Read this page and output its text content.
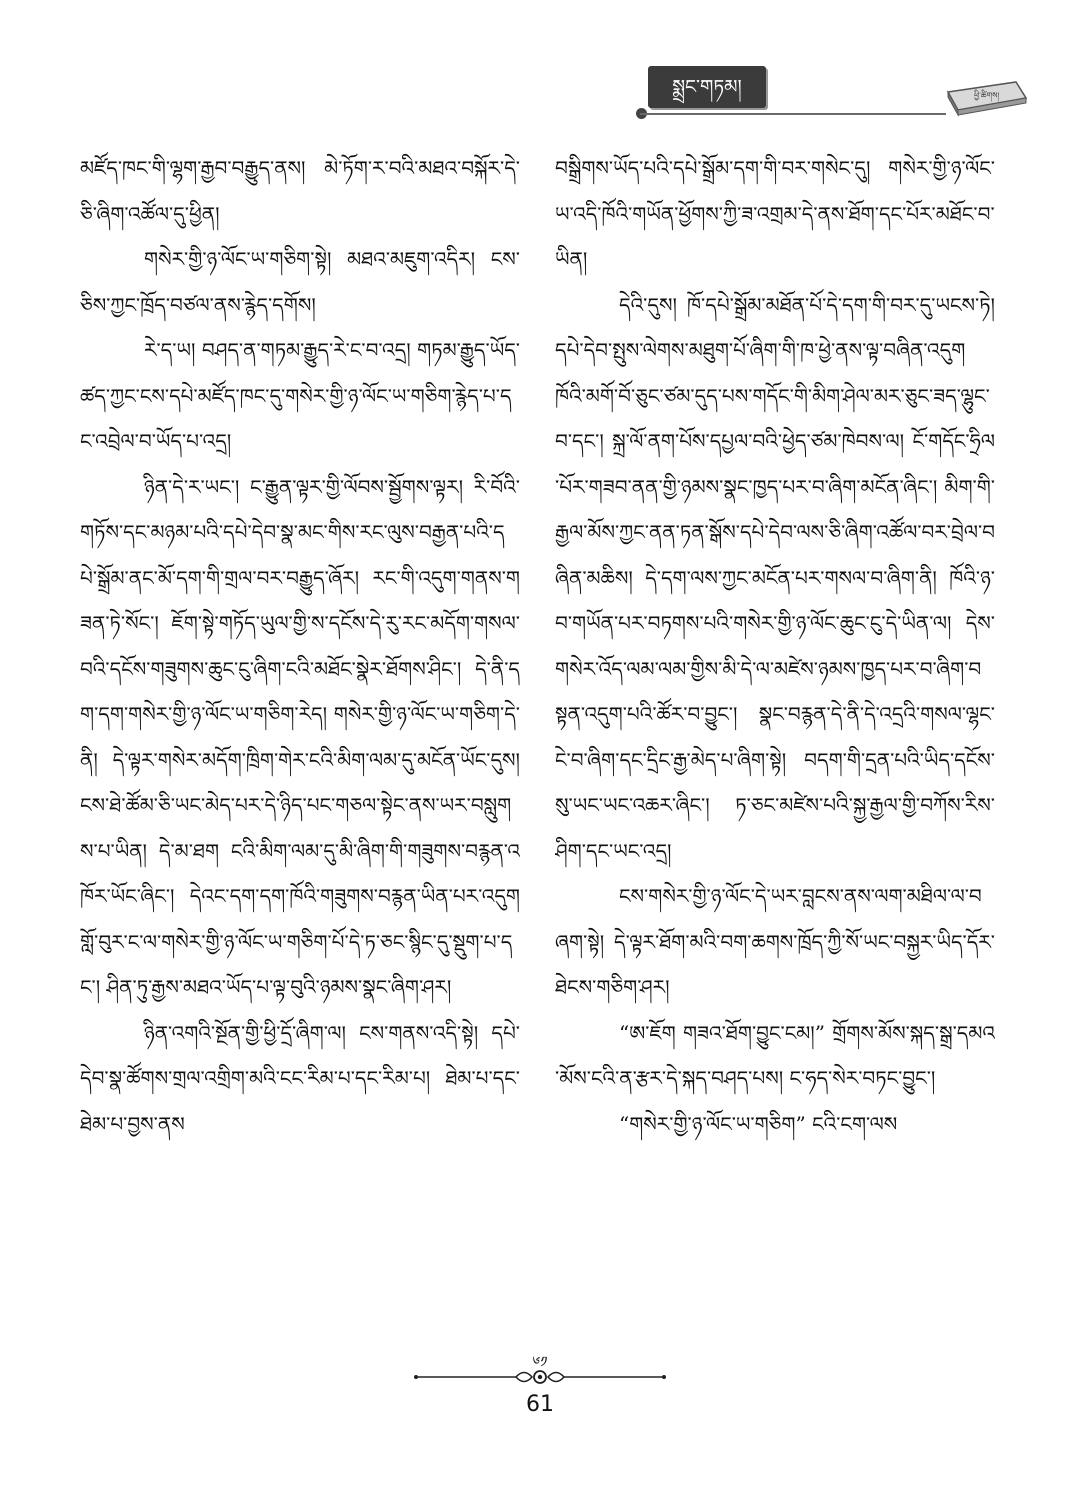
སྨྲང་གཏམ།	ཕྱི་ཚིགས།

མཛོད་ཁང་གི་ལྷག་རྒྱབ་བརྒྱུད་ནས། མེ་ཏོག་ར་བའི་མཐའ་བསྐོར་དེ་ཅི་ཞིག་འཚོལ་དུ་ཕྱིན།

གསེར་གྱི་ཉ་ལོང་ཡ་གཅིག་སྟེ། མཐའ་མཇུག་འདིར། ངས་ཅིས་ཀྱང་ཁྲོད་བཙལ་ནས་རྙེད་དགོས།

རེ་ད་ཡ། བཤད་ན་གཏམ་རྒྱུད་རེ་ང་བ་འདྲ། གཏམ་རྒྱུད་ཡོད་ཚད་ཀྱང་ངས་དཔེ་མཛོད་ཁང་དུ་གསེར་གྱི་ཉ་ལོང་ཡ་གཅིག་རྙེད་པ་དང་འབྲེལ་བ་ཡོད་པ་འདྲ།

ཉིན་དེ་ར་ཡང་། ང་རྒྱུན་ལྟར་གྱི་ལོབས་སྦྱོགས་ལྟར། རི་བོའི་གཏོས་དང་མཉམ་པའི་དཔེ་དེབ་སྣ་མང་གིས་རང་ལུས་བརྒྱན་པའི་དཔེ་སྒྲོམ་ནང་མོ་དག་གི་གྲལ་བར་བརྒྱུད་ཞོར། རང་གི་འདུག་གནས་གཟན་ཏེ་སོང་། ཇོག་སྟེ་གཏོད་ཡུལ་གྱི་ས་དངོས་དེ་རུ་རང་མདོག་གསལ་བའི་དངོས་གཟུགས་ཆུང་ངུ་ཞིག་ངའི་མཐོང་སྣེར་ཐོགས་ཤིང་། དེ་ནི་དག་དག་གསེར་གྱི་ཉ་ལོང་ཡ་གཅིག་རེད། གསེར་གྱི་ཉ་ལོང་ཡ་གཅིག་དེ་ནི། དེ་ལྟར་གསེར་མདོག་ཁྲིག་གེར་ངའི་མིག་ལམ་དུ་མངོན་ཡོང་དུས། ངས་ཐེ་ཚོམ་ཅི་ཡང་མེད་པར་དེ་ཉིད་པང་གཅལ་སྟེང་ནས་ཡར་བསླུགས་པ་ཡིན། དེ་མ་ཐག ངའི་མིག་ལམ་དུ་མི་ཞིག་གི་གཟུགས་བརྙན་འཁོར་ཡོང་ཞིང་། དེའང་དག་དག་ཁོའི་གཟུགས་བརྙན་ཡིན་པར་འདུག གློ་བུར་ང་ལ་གསེར་གྱི་ཉ་ལོང་ཡ་གཅིག་པོ་དེ་ཏ་ཅང་སྙིང་དུ་སྡུག་པ་དང་། ཤིན་ཏུ་རྒྱས་མཐའ་ཡོད་པ་ལྟ་བུའི་ཉམས་སྣང་ཞིག་ཤར།

ཉིན་འགའི་སྔོན་གྱི་ཕྱི་དྲོ་ཞིག་ལ། ངས་གནས་འདི་སྟེ། དཔེ་དེབ་སྣ་ཚོགས་གྲལ་འགྲིག་མའི་ངང་རིམ་པ་དང་རིམ་པ། ཐེམ་པ་དང་ཐེམ་པ་བྱས་ནས

བསྒྲིགས་ཡོད་པའི་དཔེ་སྒྲོམ་དག་གི་བར་གསེང་དུ། གསེར་གྱི་ཉ་ལོང་ཡ་འདི་ཁོའི་གཡོན་ཕྱོགས་ཀྱི་ཟ་འགྲམ་དེ་ནས་ཐོག་དང་པོར་མཐོང་བ་ཡིན།

དེའི་དུས། ཁོ་དཔེ་སྒྲོམ་མཐོན་པོ་དེ་དག་གི་བར་དུ་ཡངས་ཏེ། དཔེ་དེབ་སྤུས་ལེགས་མཐུག་པོ་ཞིག་གི་ཁ་ཕྱེ་ནས་ལྟ་བཞིན་འདུག ཁོའི་མགོ་བོ་ཅུང་ཙམ་དུད་པས་གདོང་གི་མིག་ཤེལ་མར་ཅུང་ཟད་ལྷུང་བ་དང་། སྐྲ་ལོ་ནག་པོས་དཔྱལ་བའི་ཕྱེད་ཙམ་ཁེབས་ལ། ངོ་གདོང་ཧྲིལ་པོར་གཟབ་ནན་གྱི་ཉམས་སྣང་ཁྱད་པར་བ་ཞིག་མངོན་ཞིང་། མིག་གི་རྒྱལ་མོས་ཀྱང་ནན་ཏན་སྒོས་དཔེ་དེབ་ལས་ཅི་ཞིག་འཚོལ་བར་བྲེལ་བཞིན་མཆིས། དེ་དག་ལས་ཀྱང་མངོན་པར་གསལ་བ་ཞིག་ནི། ཁོའི་ཉ་བ་གཡོན་པར་བཏགས་པའི་གསེར་གྱི་ཉ་ལོང་ཆུང་ངུ་དེ་ཡིན་ལ། དེས་གསེར་འོད་ལམ་ལམ་གྱིས་མི་དེ་ལ་མཛེས་ཉམས་ཁྱད་པར་བ་ཞིག་བསྟན་འདུག་པའི་ཚོར་བ་བྱུང་། སྣང་བརྙན་དེ་ནི་དེ་འདྲའི་གསལ་ལྷང་ངེ་བ་ཞིག་དང་དྲིང་རྒྱ་མེད་པ་ཞིག་སྟེ། བདག་གི་དྲན་པའི་ཡིད་དངོས་སུ་ཡང་ཡང་འཆར་ཞིང་། ཏ་ཅང་མཛེས་པའི་སྐྱ་རྒྱལ་གྱི་བཀོས་རིས་ཤིག་དང་ཡང་འདྲ།

ངས་གསེར་གྱི་ཉ་ལོང་དེ་ཡར་བླངས་ནས་ལག་མཐིལ་ལ་བཞག་སྟེ། དེ་ལྟར་ཐོག་མའི་བག་ཆགས་ཁྲོད་ཀྱི་སོ་ཡང་བསྐྱར་ཡིད་དོར་ཐེངས་གཅིག་ཤར།

“ཨ་ཇོག གཟའ་ཐོག་བྱུང་ངམ།” གྲོགས་མོས་སྐད་སྒྲ་དམའ་མོས་ངའི་ན་རྩར་དེ་སྐད་བཤད་པས། ང་ཧད་སེར་བཏང་བྱུང་།

“གསེར་གྱི་ཉ་ལོང་ཡ་གཅིག” ངའི་ངག་ལས

༦༡
61
